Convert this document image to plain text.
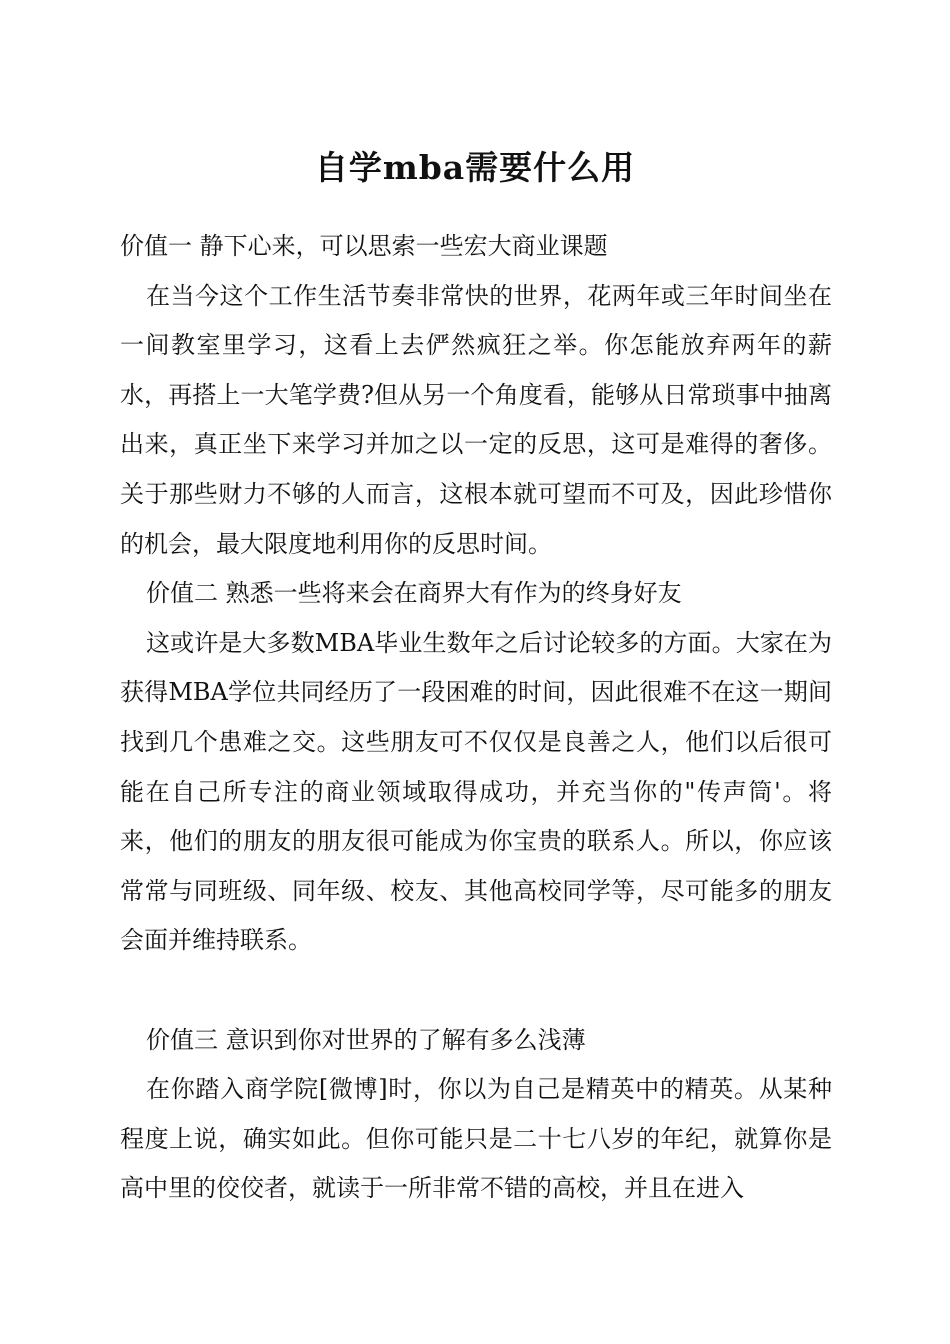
自学mba需要什么用

价值一 静下心来，可以思索一些宏大商业课题

在当今这个工作生活节奏非常快的世界，花两年或三年时间坐在一间教室里学习，这看上去俨然疯狂之举。你怎能放弃两年的薪水，再搭上一大笔学费?但从另一个角度看，能够从日常琐事中抽离出来，真正坐下来学习并加之以一定的反思，这可是难得的奢侈。关于那些财力不够的人而言，这根本就可望而不可及，因此珍惜你的机会，最大限度地利用你的反思时间。

价值二 熟悉一些将来会在商界大有作为的终身好友

这或许是大多数MBA毕业生数年之后讨论较多的方面。大家在为获得MBA学位共同经历了一段困难的时间，因此很难不在这一期间找到几个患难之交。这些朋友可不仅仅是良善之人，他们以后很可能在自己所专注的商业领域取得成功，并充当你的"传声筒'。将来，他们的朋友的朋友很可能成为你宝贵的联系人。所以，你应该常常与同班级、同年级、校友、其他高校同学等，尽可能多的朋友会面并维持联系。

价值三 意识到你对世界的了解有多么浅薄

在你踏入商学院[微博]时，你以为自己是精英中的精英。从某种程度上说，确实如此。但你可能只是二十七八岁的年纪，就算你是高中里的佼佼者，就读于一所非常不错的高校，并且在进入
